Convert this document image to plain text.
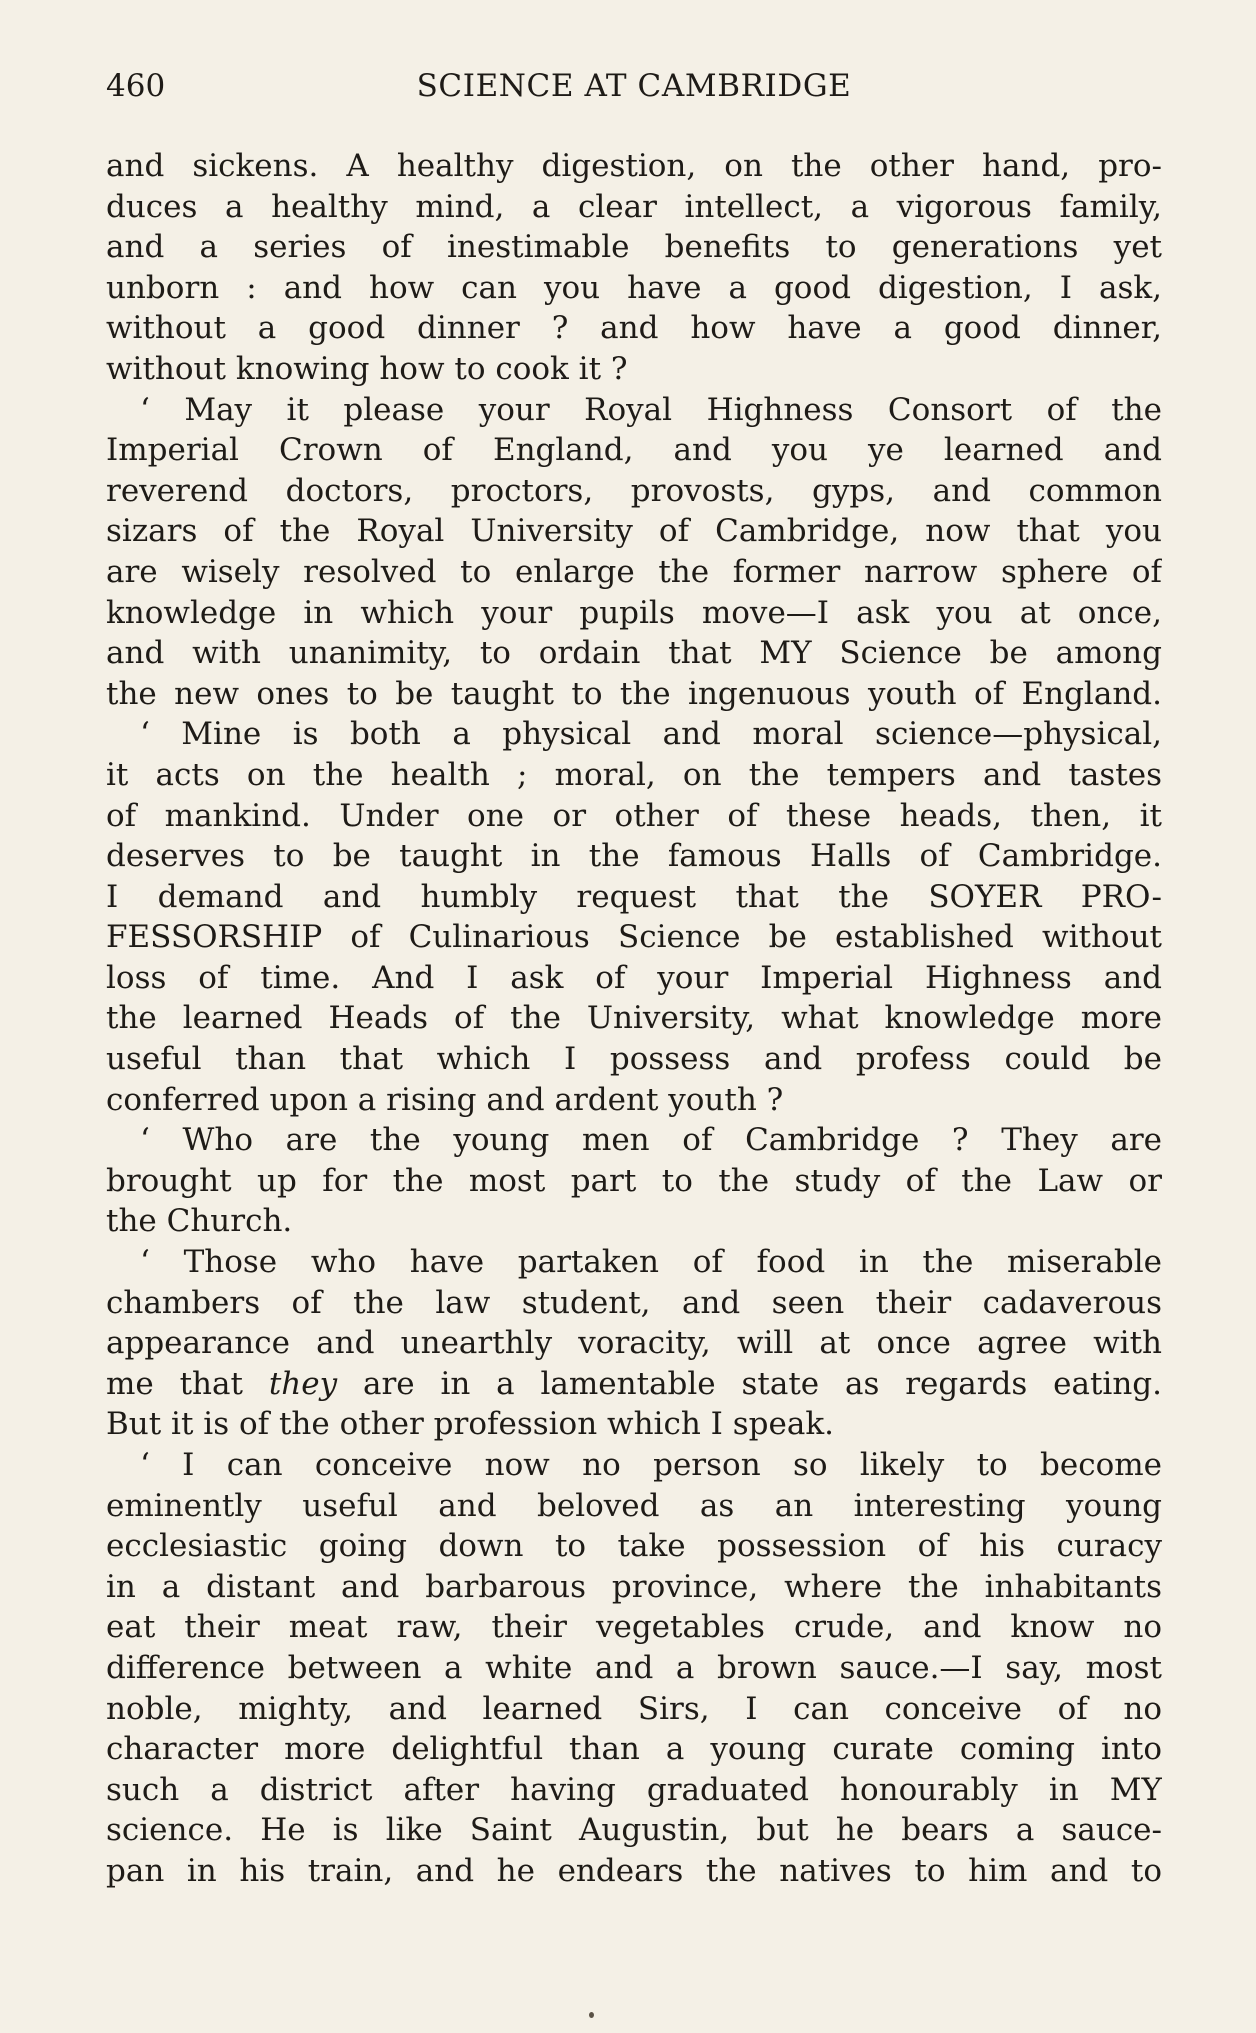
460	SCIENCE AT CAMBRIDGE
and sickens. A healthy digestion, on the other hand, pro-
duces a healthy mind, a clear intellect, a vigorous family,
and a series of inestimable benefits to generations yet
unborn : and how can you have a good digestion, I ask,
without a good dinner ? and how have a good dinner,
without knowing how to cook it ?
‘ May it please your Royal Highness Consort of the
Imperial Crown of England, and you ye learned and
reverend doctors, proctors, provosts, gyps, and common
sizars of the Royal University of Cambridge, now that you
are wisely resolved to enlarge the former narrow sphere of
knowledge in which your pupils move—I ask you at once,
and with unanimity, to ordain that MY Science be among
the new ones to be taught to the ingenuous youth of England.
‘ Mine is both a physical and moral science—physical,
it acts on the health ; moral, on the tempers and tastes
of mankind. Under one or other of these heads, then, it
deserves to be taught in the famous Halls of Cambridge.
I demand and humbly request that the SOYER PRO-
FESSORSHIP of Culinarious Science be established without
loss of time. And I ask of your Imperial Highness and
the learned Heads of the University, what knowledge more
useful than that which I possess and profess could be
conferred upon a rising and ardent youth ?
‘ Who are the young men of Cambridge ? They are
brought up for the most part to the study of the Law or
the Church.
‘ Those who have partaken of food in the miserable
chambers of the law student, and seen their cadaverous
appearance and unearthly voracity, will at once agree with
me that they are in a lamentable state as regards eating.
But it is of the other profession which I speak.
‘ I can conceive now no person so likely to become
eminently useful and beloved as an interesting young
ecclesiastic going down to take possession of his curacy
in a distant and barbarous province, where the inhabitants
eat their meat raw, their vegetables crude, and know no
difference between a white and a brown sauce.—I say, most
noble, mighty, and learned Sirs, I can conceive of no
character more delightful than a young curate coming into
such a district after having graduated honourably in MY
science. He is like Saint Augustin, but he bears a sauce-
pan in his train, and he endears the natives to him and to
